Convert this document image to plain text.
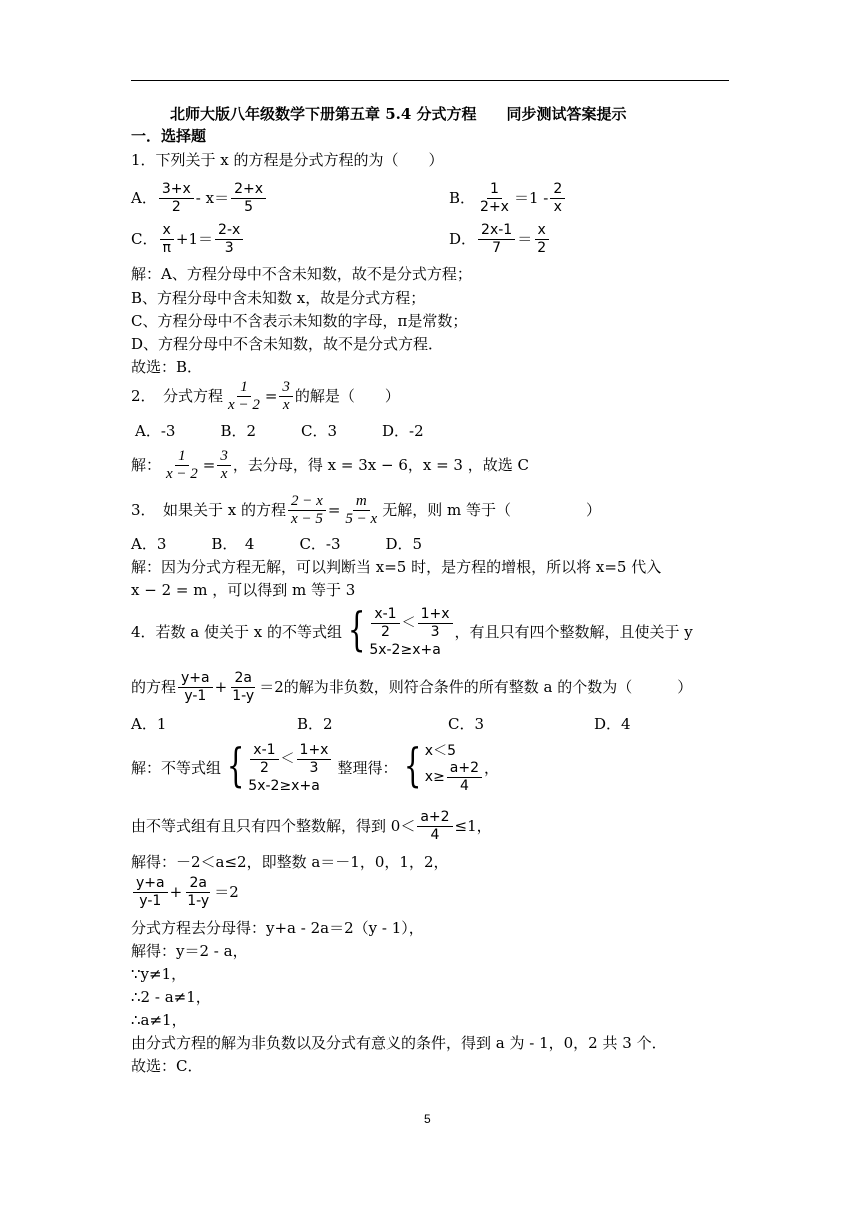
北师大版八年级数学下册第五章 5.4 分式方程　　同步测试答案提示
一．选择题
1．下列关于 x 的方程是分式方程的为（　　）
A． $\frac{3+x}{2} - x= \frac{2+x}{5}$	B． $\frac{1}{2+x} =1 - \frac{2}{x}$
C． $\frac{x}{\pi} +1= \frac{2-x}{3}$	D． $\frac{2x-1}{7} = \frac{x}{2}$
解：A、方程分母中不含未知数，故不是分式方程；
B、方程分母中含未知数 x，故是分式方程；
C、方程分母中不含表示未知数的字母，π是常数；
D、方程分母中不含未知数，故不是分式方程．
故选：B．
2．　分式方程 $\frac{1}{x - 2} = \frac{3}{x}$ 的解是（　　）
A．-3　　　B．2　　　C．3　　　D．-2
解： $\frac{1}{x - 2} = \frac{3}{x}$ ，去分母，得 x = 3x − 6，x = 3 ，故选 C
3．　如果关于 x 的方程 $\frac{2 - x}{x - 5} = \frac{m}{5 - x}$ 无解，则 m 等于（　　　　　）
A．3　　　B．　4　　　C．-3　　　D．5
解：因为分式方程无解，可以判断当 x=5 时，是方程的增根，所以将 x=5 代入
x − 2 = m ，可以得到 m 等于 3
4．若数 a 使关于 x 的不等式组 { $\frac{x-1}{2} < \frac{1+x}{3}$
5x-2≥x+a
，有且只有四个整数解，且使关于 y
的方程 $\frac{y+a}{y-1} + \frac{2a}{1-y} =2$ 的解为非负数，则符合条件的所有整数 a 的个数为（　　　）
A．1	B．2	C．3	D．4
解：不等式组 { $\frac{x-1}{2} < \frac{1+x}{3}$
5x-2≥x+a
整理得： { x＜5
$x\ge \frac{a+2}{4}$ ，
由不等式组有且只有四个整数解，得到 $0< \frac{a+2}{4} \le 1$，
解得：－2＜a≤2，即整数 a＝－1，0，1，2，
$\frac{y+a}{y-1} + \frac{2a}{1-y} =2$
分式方程去分母得：y+a - 2a＝2（y - 1），
解得：y＝2 - a，
∵y≠1，
∴2 - a≠1，
∴a≠1，
由分式方程的解为非负数以及分式有意义的条件，得到 a 为 - 1，0，2 共 3 个．
故选：C．
5
